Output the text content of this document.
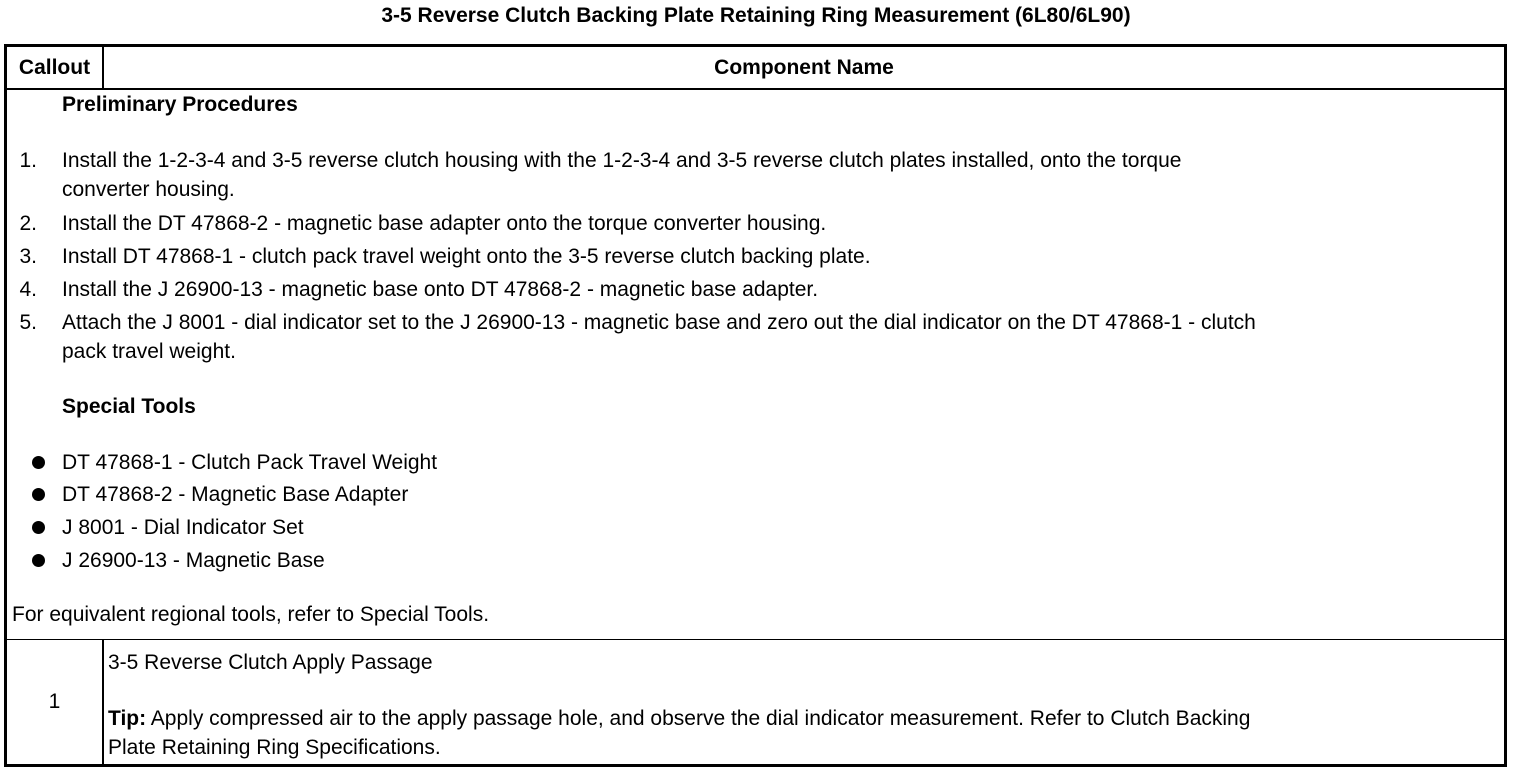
3-5 Reverse Clutch Backing Plate Retaining Ring Measurement (6L80/6L90)
Callout	Component Name
Preliminary Procedures
1. Install the 1-2-3-4 and 3-5 reverse clutch housing with the 1-2-3-4 and 3-5 reverse clutch plates installed, onto the torque
converter housing.
2. Install the DT 47868-2 - magnetic base adapter onto the torque converter housing.
3. Install DT 47868-1 - clutch pack travel weight onto the 3-5 reverse clutch backing plate.
4. Install the J 26900-13 - magnetic base onto DT 47868-2 - magnetic base adapter.
5. Attach the J 8001 - dial indicator set to the J 26900-13 - magnetic base and zero out the dial indicator on the DT 47868-1 - clutch
pack travel weight.
Special Tools
DT 47868-1 - Clutch Pack Travel Weight
DT 47868-2 - Magnetic Base Adapter
J 8001 - Dial Indicator Set
J 26900-13 - Magnetic Base
For equivalent regional tools, refer to Special Tools.
1
3-5 Reverse Clutch Apply Passage
Tip: Apply compressed air to the apply passage hole, and observe the dial indicator measurement. Refer to Clutch Backing
Plate Retaining Ring Specifications.
